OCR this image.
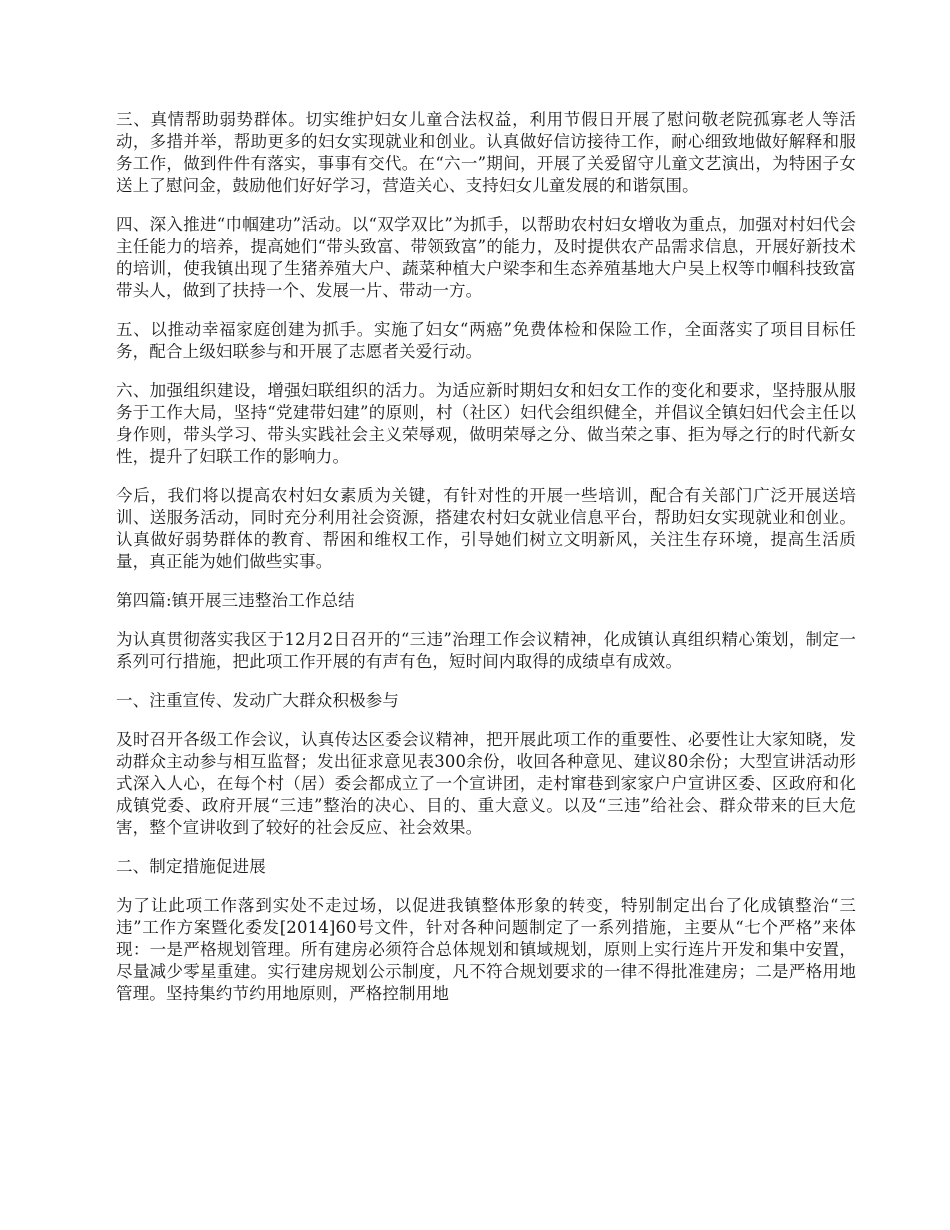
三、真情帮助弱势群体。切实维护妇女儿童合法权益，利用节假日开展了慰问敬老院孤寡老人等活动，多措并举，帮助更多的妇女实现就业和创业。认真做好信访接待工作，耐心细致地做好解释和服务工作，做到件件有落实，事事有交代。在“六一”期间，开展了关爱留守儿童文艺演出，为特困子女送上了慰问金，鼓励他们好好学习，营造关心、支持妇女儿童发展的和谐氛围。

四、深入推进“巾帼建功”活动。以“双学双比”为抓手，以帮助农村妇女增收为重点，加强对村妇代会主任能力的培养，提高她们“带头致富、带领致富”的能力，及时提供农产品需求信息，开展好新技术的培训，使我镇出现了生猪养殖大户、蔬菜种植大户梁李和生态养殖基地大户吴上权等巾帼科技致富带头人，做到了扶持一个、发展一片、带动一方。

五、以推动幸福家庭创建为抓手。实施了妇女“两癌”免费体检和保险工作，全面落实了项目目标任务，配合上级妇联参与和开展了志愿者关爱行动。

六、加强组织建设，增强妇联组织的活力。为适应新时期妇女和妇女工作的变化和要求，坚持服从服务于工作大局，坚持“党建带妇建”的原则，村（社区）妇代会组织健全，并倡议全镇妇妇代会主任以身作则，带头学习、带头实践社会主义荣辱观，做明荣辱之分、做当荣之事、拒为辱之行的时代新女性，提升了妇联工作的影响力。

今后，我们将以提高农村妇女素质为关键，有针对性的开展一些培训，配合有关部门广泛开展送培训、送服务活动，同时充分利用社会资源，搭建农村妇女就业信息平台，帮助妇女实现就业和创业。认真做好弱势群体的教育、帮困和维权工作，引导她们树立文明新风，关注生存环境，提高生活质量，真正能为她们做些实事。

第四篇:镇开展三违整治工作总结

为认真贯彻落实我区于12月2日召开的“三违”治理工作会议精神，化成镇认真组织精心策划，制定一系列可行措施，把此项工作开展的有声有色，短时间内取得的成绩卓有成效。

一、注重宣传、发动广大群众积极参与

及时召开各级工作会议，认真传达区委会议精神，把开展此项工作的重要性、必要性让大家知晓，发动群众主动参与相互监督；发出征求意见表300余份，收回各种意见、建议80余份；大型宣讲活动形式深入人心，在每个村（居）委会都成立了一个宣讲团，走村窜巷到家家户户宣讲区委、区政府和化成镇党委、政府开展“三违”整治的决心、目的、重大意义。以及“三违”给社会、群众带来的巨大危害，整个宣讲收到了较好的社会反应、社会效果。

二、制定措施促进展

为了让此项工作落到实处不走过场，以促进我镇整体形象的转变，特别制定出台了化成镇整治“三违”工作方案暨化委发[2014]60号文件，针对各种问题制定了一系列措施，主要从“七个严格”来体现：一是严格规划管理。所有建房必须符合总体规划和镇域规划，原则上实行连片开发和集中安置，尽量减少零星重建。实行建房规划公示制度，凡不符合规划要求的一律不得批准建房；二是严格用地管理。坚持集约节约用地原则，严格控制用地
